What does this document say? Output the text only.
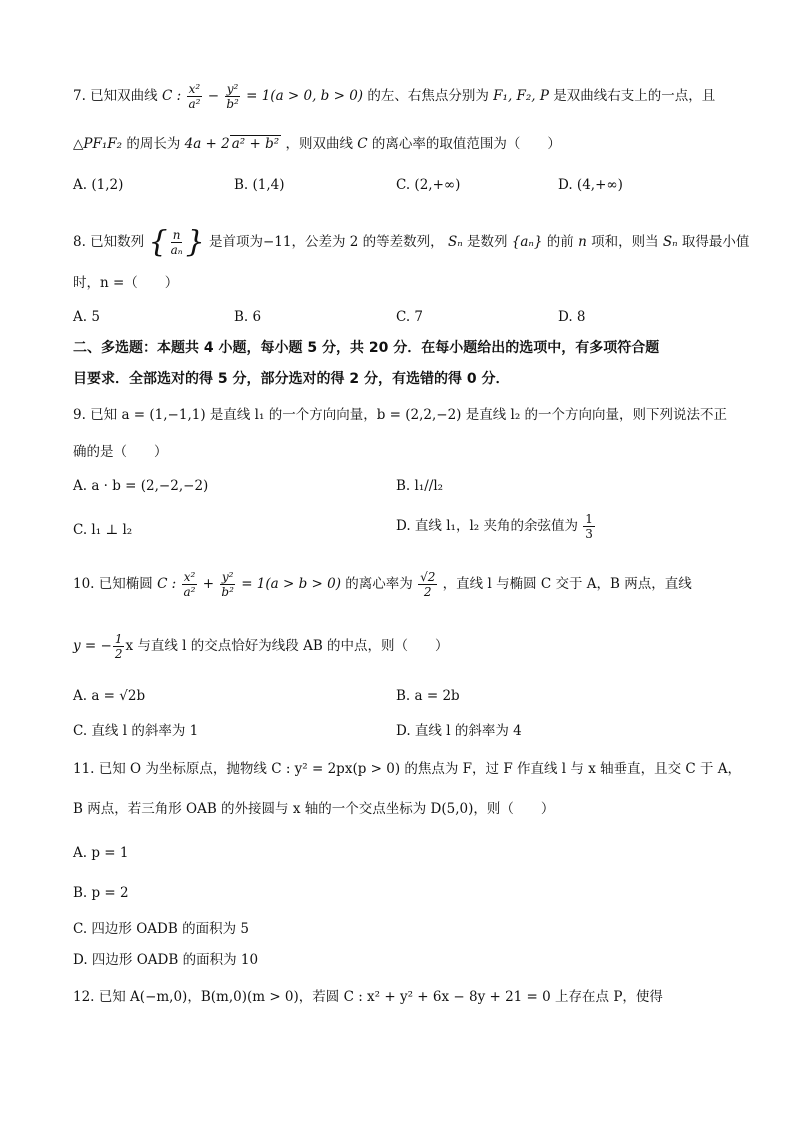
7. 已知双曲线 C : $\frac{\text{x²}}{\text{a²}} - \frac{\text{y²}}{\text{b²}} = 1(a > 0$, b > 0) 的左、右焦点分别为 F₁, F₂, P 是双曲线右支上的一点，且
△PF₁F₂ 的周长为 4a + 2 a² + b² ，则双曲线 C 的离心率的取值范围为（　　）
A. (1,2)	B. (1,4)	C. (2,+∞)	D. (4,+∞)
8. 已知数列 { $\frac{n}{\text{aₙ}}$ } 是首项为−11，公差为 2 的等差数列， Sₙ 是数列 {aₙ} 的前 n 项和，则当 Sₙ 取得最小值
时，n =（　　）
A. 5	B. 6	C. 7	D. 8
二、多选题：本题共 4 小题，每小题 5 分，共 20 分．在每小题给出的选项中，有多项符合题
目要求．全部选对的得 5 分，部分选对的得 2 分，有选错的得 0 分．
9. 已知 a = (1,−1,1) 是直线 l₁ 的一个方向向量，b = (2,2,−2) 是直线 l₂ 的一个方向向量，则下列说法不正
确的是（　　）
A. a · b = (2,−2,−2)	B. l₁//l₂
C. l₁ ⊥ l₂	D. 直线 l₁，l₂ 夹角的余弦值为 $\frac{1}{3}$
10. 已知椭圆 C : $\frac{\text{x²}}{\text{a²}} + \frac{\text{y²}}{\text{b²}} = 1(a > b > 0)$ 的离心率为 $\frac{√2}{2}$ ，直线 l 与椭圆 C 交于 A，B 两点，直线
y = − $\frac{1}{2}$ x 与直线 l 的交点恰好为线段 AB 的中点，则（　　）
A. a = √2b	B. a = 2b
C. 直线 l 的斜率为 1	D. 直线 l 的斜率为 4
11. 已知 O 为坐标原点，抛物线 C : y² = 2px(p > 0) 的焦点为 F，过 F 作直线 l 与 x 轴垂直，且交 C 于 A，
B 两点，若三角形 OAB 的外接圆与 x 轴的一个交点坐标为 D(5,0)，则（　　）
A. p = 1
B. p = 2
C. 四边形 OADB 的面积为 5
D. 四边形 OADB 的面积为 10
12. 已知 A(−m,0)，B(m,0)(m > 0)，若圆 C : x² + y² + 6x − 8y + 21 = 0 上存在点 P，使得
